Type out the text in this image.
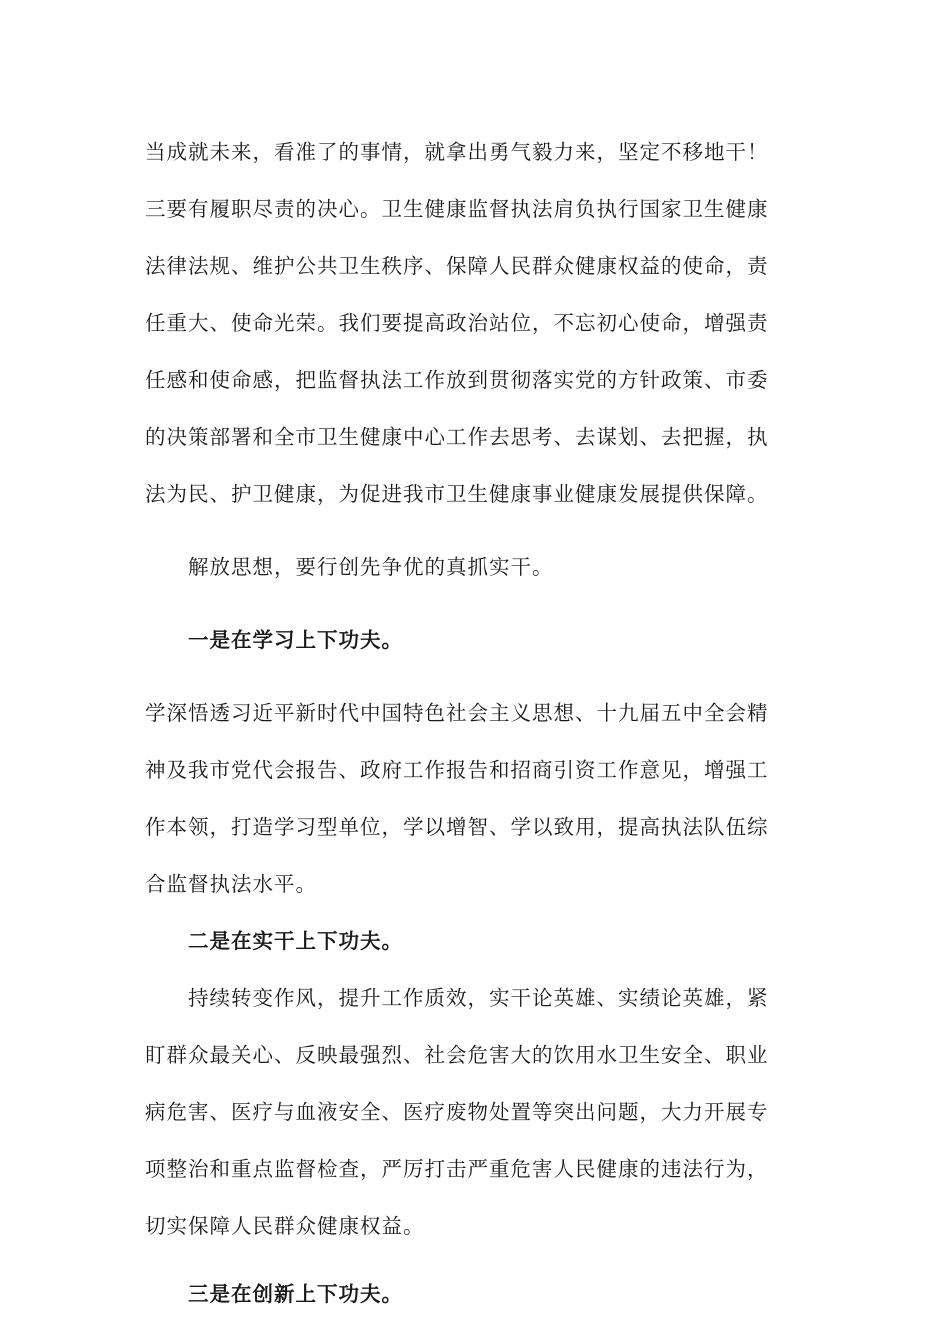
当成就未来，看准了的事情，就拿出勇气毅力来，坚定不移地干！
三要有履职尽责的决心。卫生健康监督执法肩负执行国家卫生健康
法律法规、维护公共卫生秩序、保障人民群众健康权益的使命，责
任重大、使命光荣。我们要提高政治站位，不忘初心使命，增强责
任感和使命感，把监督执法工作放到贯彻落实党的方针政策、市委
的决策部署和全市卫生健康中心工作去思考、去谋划、去把握，执
法为民、护卫健康，为促进我市卫生健康事业健康发展提供保障。
解放思想，要行创先争优的真抓实干。
一是在学习上下功夫。
学深悟透习近平新时代中国特色社会主义思想、十九届五中全会精
神及我市党代会报告、政府工作报告和招商引资工作意见，增强工
作本领，打造学习型单位，学以增智、学以致用，提高执法队伍综
合监督执法水平。
二是在实干上下功夫。
持续转变作风，提升工作质效，实干论英雄、实绩论英雄，紧
盯群众最关心、反映最强烈、社会危害大的饮用水卫生安全、职业
病危害、医疗与血液安全、医疗废物处置等突出问题，大力开展专
项整治和重点监督检查，严厉打击严重危害人民健康的违法行为，
切实保障人民群众健康权益。
三是在创新上下功夫。
